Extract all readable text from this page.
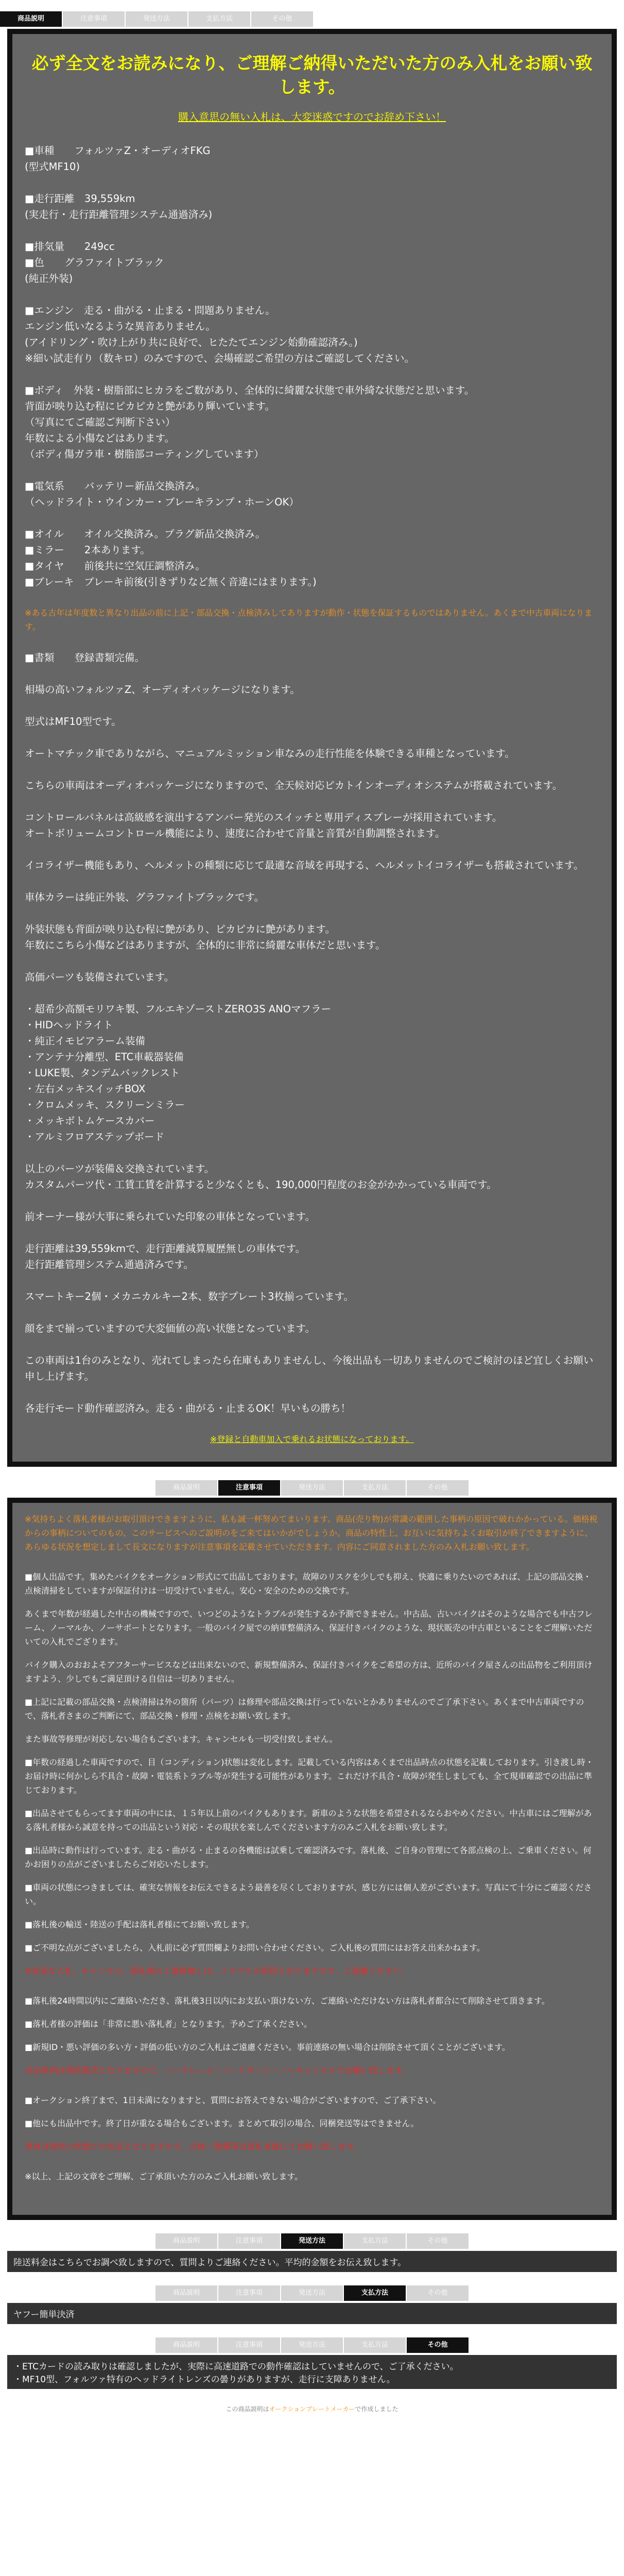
商品説明	注意事項	発送方法	支払方法	その他
必ず全文をお読みになり、ご理解ご納得いただいた方のみ入札をお願い致します。
購入意思の無い入札は、大変迷惑ですのでお辞め下さい！
■車種　　フォルツァZ・オーディオFKG
(型式MF10)

■走行距離　39,559km
(実走行・走行距離管理システム通過済み)

■排気量　　249cc
■色　　グラファイトブラック
(純正外装)

■エンジン　走る・曲がる・止まる・問題ありません。
エンジン低いなるような異音ありません。
(アイドリング・吹け上がり共に良好で、ヒたたてエンジン始動確認済み。)
※細い試走有り（数キロ）のみですので、会場確認ご希望の方はご確認してください。

■ボディ　外装・樹脂部にヒカラをご数があり、全体的に綺麗な状態で車外綺な状態だと思います。
背面が映り込む程にピカピカと艶があり輝いています。
（写真にてご確認ご判断下さい）
年数による小傷などはあります。
（ボディ傷ガラ車・樹脂部コーティングしています）

■電気系　　バッテリー新品交換済み。
（ヘッドライト・ウインカー・ブレーキランプ・ホーンOK）

■オイル　　オイル交換済み。プラグ新品交換済み。
■ミラー　　2本あります。
■タイヤ　　前後共に空気圧調整済み。
■ブレーキ　ブレーキ前後(引きずりなど無く音違にはまります。)

※ある古年は年度数と異なり出品の前に上記・部品交換・点検済みしてありますが動作・状態を保証するものではありません。あくまで中古車両になります。

■書類　　登録書類完備。

相場の高いフォルツァZ、オーディオパッケージになります。

型式はMF10型です。

オートマチック車でありながら、マニュアルミッション車なみの走行性能を体験できる車種となっています。

こちらの車両はオーディオパッケージになりますので、全天候対応ピカトインオーディオシステムが搭載されています。

コントロールパネルは高級感を演出するアンバー発光のスイッチと専用ディスプレーが採用されています。
オートボリュームコントロール機能により、速度に合わせて音量と音質が自動調整されます。

イコライザー機能もあり、ヘルメットの種類に応じて最適な音域を再現する、ヘルメットイコライザーも搭載されています。

車体カラーは純正外装、グラファイトブラックです。

外装状態も背面が映り込む程に艶があり、ピカピカに艶があります。
年数にこちら小傷などはありますが、全体的に非常に綺麗な車体だと思います。

高価パーツも装備されています。

・超希少高額モリワキ製、フルエキゾーストZERO3S ANOマフラー
・HIDヘッドライト
・純正イモビアラーム装備
・アンテナ分離型、ETC車載器装備
・LUKE製、タンデムバックレスト
・左右メッキスイッチBOX
・クロムメッキ、スクリーンミラー
・メッキボトムケースカバー
・アルミフロアステップボード

以上のパーツが装備＆交換されています。
カスタムパーツ代・工賃工賃を計算すると少なくとも、190,000円程度のお金がかかっている車両です。

前オーナー様が大事に乗られていた印象の車体となっています。

走行距離は39,559kmで、走行距離減算履歴無しの車体です。
走行距離管理システム通過済みです。

スマートキー2個・メカニカルキー2本、数字プレート3枚揃っています。

顔をまで揃っていますので大変価値の高い状態となっています。

この車両は1台のみとなり、売れてしまったら在庫もありませんし、今後出品も一切ありませんのでご検討のほど宜しくお願い申し上げます。

各走行モード動作確認済み。走る・曲がる・止まるOK！早いもの勝ち！

※登録と自動車加入で乗れるお状態になっております。
商品説明	注意事項	発送方法	支払方法	その他

※気持ちよく落札者様がお取引頂けできますように、私も誠一杯努めてまいります。商品(売り物)が常識の範囲した事柄の原因で破れかかっている。価格税からの事柄についてのもの、このサービスへのご説明のをご来てはいかがでしょうか。商品の特性上、お互いに気持ちよくお取引が終了できますように、あらゆる状況を想定しまして長文になりますが注意事項を記載させていただきます。内容にご同意されました方のみ入札お願い致します。

■個人出品です。集めたバイクをオークション形式にて出品しております。故障のリスクを少しでも抑え、快適に乗りたいのであれば、上記の部品交換・点検清掃をしていますが保証付けは一切受けていません。安心・安全のための交換です。
あくまで年数が経過した中古の機械ですので、いつどのようなトラブルが発生するか予測できません。中古品、古いバイクはそのような場合でも中古フレーム、ノーマルか、ノーサポートとなります。一般のバイク屋での納車整備済み、保証付きバイクのような、現状販売の中古車といることをご理解いただいての入札でござります。
バイク購入のおおよそアフターサービスなどは出来ないので、新規整備済み、保証付きバイクをご希望の方は、近所のバイク屋さんの出品物をご利用頂けますよう、少しでもご満足頂ける自信は一切ありません。
■上記に記載の部品交換・点検清掃は外の箇所（パーツ）は修理や部品交換は行っていないとかありませんのでご了承下さい。あくまで中古車両ですので、落札者さまのご判断にて、部品交換・修理・点検をお願い致します。
また事故等修理が対応しない場合もございます。キャンセルも一切受付致しません。
■年数の経過した車両ですので、目（コンディション)状態は変化します。記載している内容はあくまで出品時点の状態を記載しております。引き渡し時・お届け時に何かしら不具合・故障・電装系トラブル等が発生する可能性があります。これだけ不具合・故障が発生しましても、全て現車確認での出品に準じております。
■出品させてもらってます車両の中には、１５年以上前のバイクもあります。新車のような状態を希望されるならおやめください。中古車にはご理解がある落札者様から誠意を持っての出品という対応・その現状を楽しんでくださいます方のみご入札をお願い致します。
■出品時に動作は行っています。走る・曲がる・止まるの各機能は試乗して確認済みです。落札後、ご自身の管理にて各部点検の上、ご乗車ください。何かお困りの点がございましたらご対応いたします。
■車両の状態につきましては、確実な情報をお伝えできるよう最善を尽くしておりますが、感じ方には個人差がございます。写真にて十分にご確認ください。
■落札後の輸送・陸送の手配は落札者様にてお願い致します。
■ご不明な点がございましたら、入札前に必ず質問欄よりお問い合わせください。ご入札後の質問にはお答え出来かねます。

※安易な入札、キャンセル、落札後のご連絡無しは、トラブルの原因となりますので、ご遠慮ください。

■落札後24時間以内にご連絡いただき、落札後3日以内にお支払い頂けない方、ご連絡いただけない方は落札者都合にて削除させて頂きます。
■落札者様の評価は「非常に悪い落札者」となります。予めご了承ください。
■新規ID・悪い評価の多い方・評価の低い方のご入札はご遠慮ください。事前連絡の無い場合は削除させて頂くことがございます。

出品車両は現状販売となりますので、ノークレーム・ノーリターン・ノーキャンセルでお願い致します。

■オークション終了まで、1日未満になりますと、質問にお答えできない場合がございますので、ご了承下さい。
■他にも出品中です。終了日が重なる場合もございます。まとめて取引の場合、同梱発送等はできません。

車体は現状の状態での出品となりますので、点検・整備等は落札者様にてお願い致します。

※以上、上記の文章をご理解、ご了承頂いた方のみご入札お願い致します。

商品説明	注意事項	発送方法	支払方法	その他
陸送料金はこちらでお調べ致しますので、質問よりご連絡ください。平均的金額をお伝え致します。
商品説明	注意事項	発送方法	支払方法	その他
ヤフー簡単決済
商品説明	注意事項	発送方法	支払方法	その他
・ETCカードの読み取りは確認しましたが、実際に高速道路での動作確認はしていませんので、ご了承ください。
・MF10型、フォルツァ特有のヘッドライトレンズの曇りがありますが、走行に支障ありません。
この商品説明はオークションプレートメーカーで作成しました
